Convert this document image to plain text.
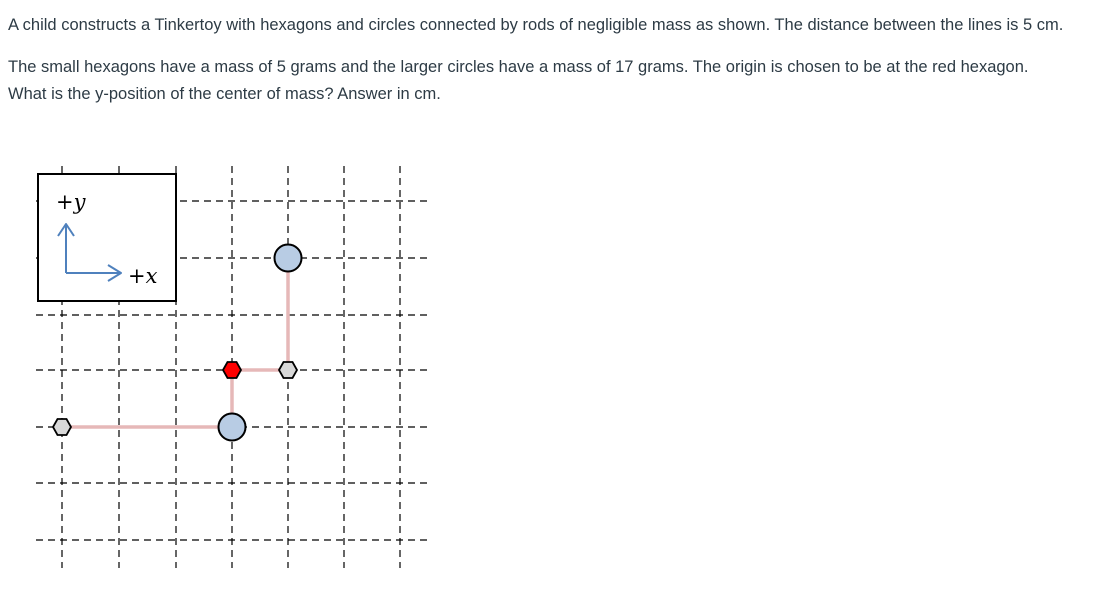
A child constructs a Tinkertoy with hexagons and circles connected by rods of negligible mass as shown. The distance between the lines is 5 cm.

The small hexagons have a mass of 5 grams and the larger circles have a mass of 17 grams. The origin is chosen to be at the red hexagon.
What is the y-position of the center of mass? Answer in cm.

+y
+x
